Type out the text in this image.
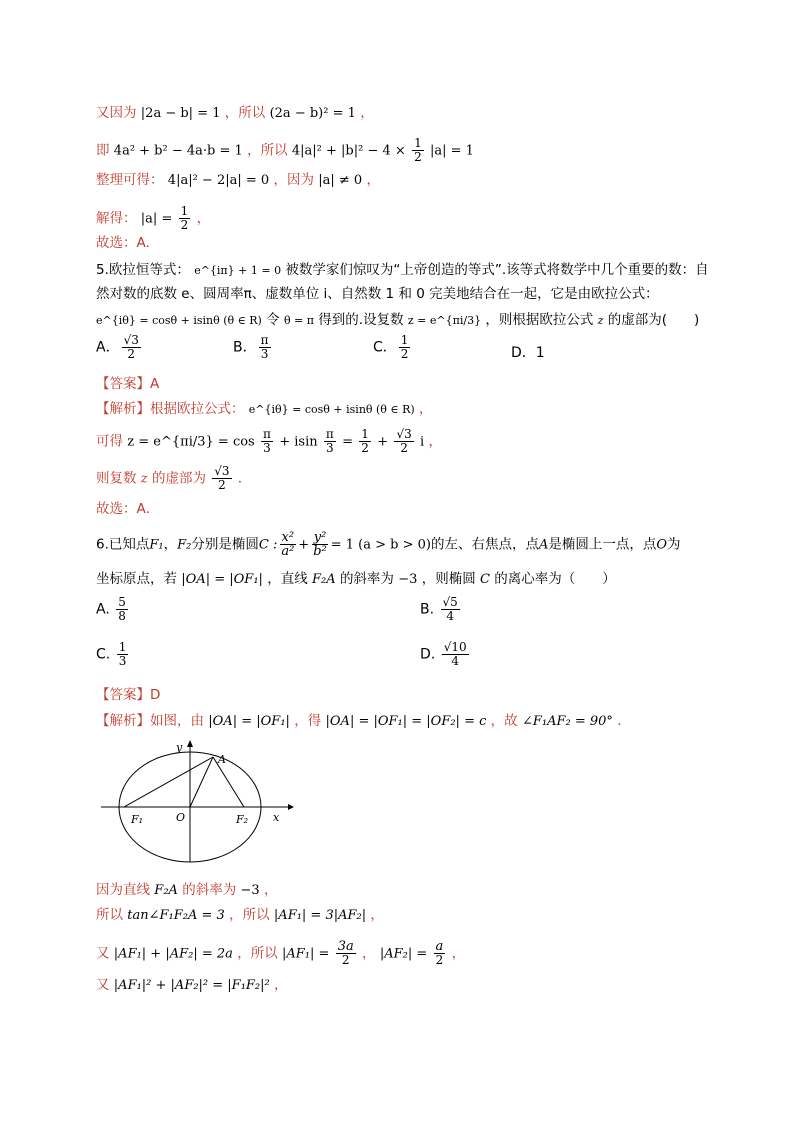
又因为 |2a − b| = 1 ，所以 (2a − b)² = 1 ，
即 4a² + b² − 4a·b = 1 ，所以 $4|a|^2 + |b|^2 - 4 \times \frac{1}{2} |a| = 1$
整理可得： 4|a|² − 2|a| = 0 ，因为 |a| ≠ 0 ，
解得： $|a| = \frac{1}{2}$ ，
故选：A.
5.欧拉恒等式： e^{iπ} + 1 = 0 被数学家们惊叹为“上帝创造的等式”.该等式将数学中几个重要的数：自
然对数的底数 e、圆周率π、虚数单位 i、自然数 1 和 0 完美地结合在一起，它是由欧拉公式：
e^{iθ} = cosθ + isinθ (θ ∈ R) 令 θ = π 得到的.设复数 z = e^{πi/3} ，则根据欧拉公式 z 的虚部为(　　)
A． $\frac{√3}{2}$	B． $\frac{\pi}{3}$	C． $\frac{1}{2}$	D．1
【答案】A
【解析】根据欧拉公式： e^{iθ} = cosθ + isinθ (θ ∈ R) ，
可得 z = e^{πi/3} = $\cos \frac{\pi}{3} + isin \frac{\pi}{3} = \frac{1}{2} + \frac{√3}{2}$ i ，
则复数 z 的虚部为 $\frac{√3}{2}$ ．
故选：A．
6.已知点F₁，F₂分别是椭圆C : $\frac{\text{x²}}{\text{a²}} + \frac{\text{y²}}{\text{b²}} = 1$ (a > b > 0)的左、右焦点，点A是椭圆上一点，点O为
坐标原点，若 |OA| = |OF₁| ，直线 F₂A 的斜率为 −3 ，则椭圆 C 的离心率为（　　）
A. $\frac{5}{8}$	B. $\frac{√5}{4}$
C. $\frac{1}{3}$	D. $\frac{√10}{4}$
【答案】D
【解析】如图，由 |OA| = |OF₁| ，得 |OA| = |OF₁| = |OF₂| = c ，故 ∠F₁AF₂ = 90° ．
y
A
x
O
F₁	F₂
因为直线 F₂A 的斜率为 −3 ，
所以 tan∠F₁F₂A = 3 ，所以 |AF₁| = 3|AF₂| ，
又 |AF₁| + |AF₂| = 2a ，所以 $|AF_1| = \frac{3a}{2}$ ， $|AF_2| = \frac{a}{2}$ ，
又 |AF₁|² + |AF₂|² = |F₁F₂|² ，
